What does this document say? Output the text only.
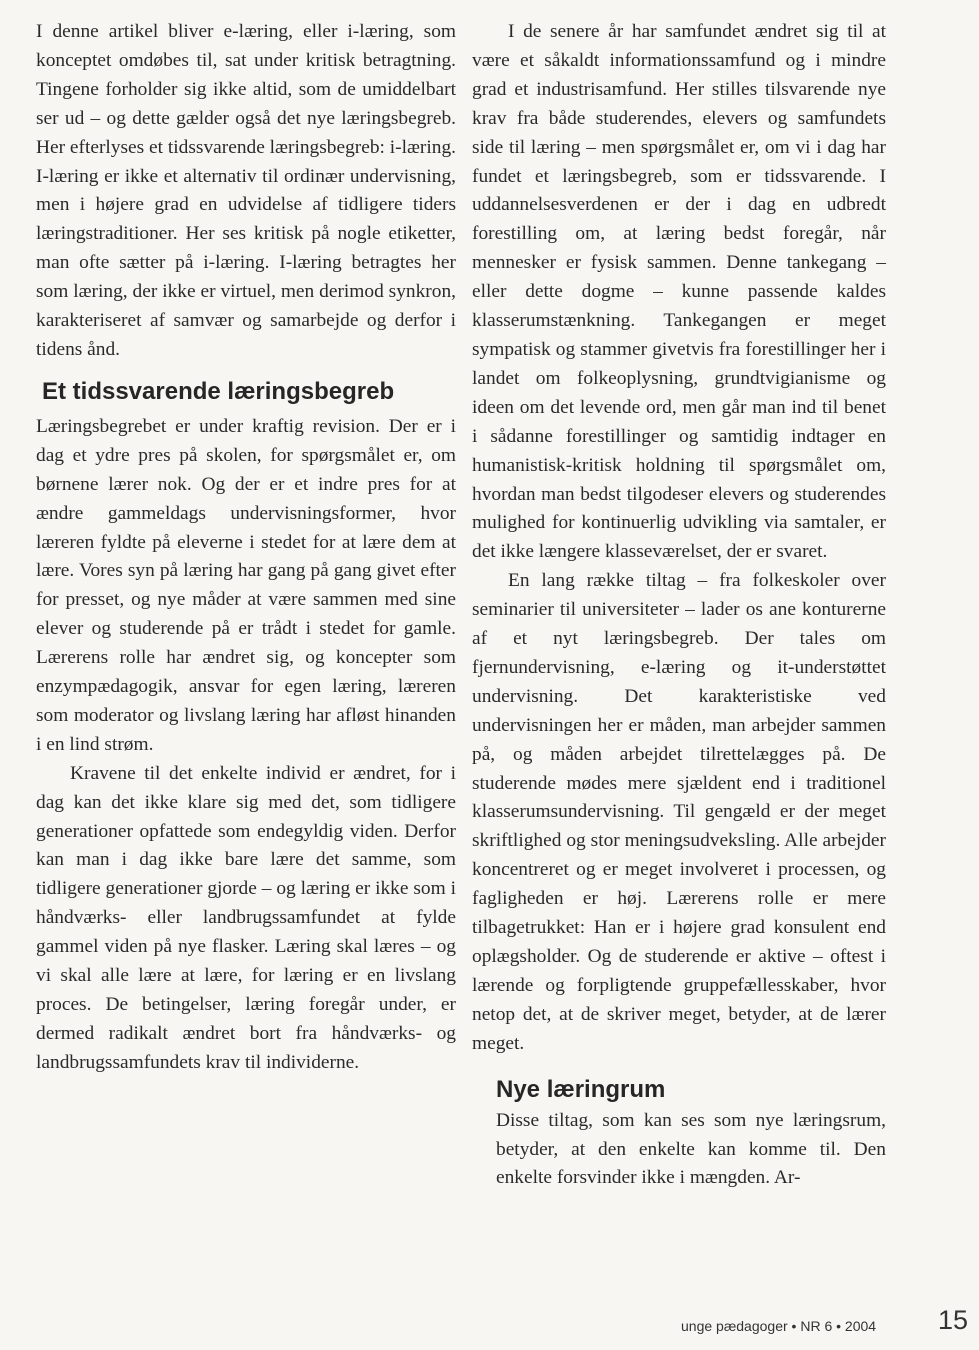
I denne artikel bliver e-læring, eller i-læring, som konceptet omdøbes til, sat under kritisk betragtning. Tingene forholder sig ikke altid, som de umiddelbart ser ud – og dette gælder også det nye læringsbegreb. Her efterlyses et tidssvarende læringsbegreb: i-læring. I-læring er ikke et alternativ til ordinær undervisning, men i højere grad en udvidelse af tidligere tiders læringstraditioner. Her ses kritisk på nogle etiketter, man ofte sætter på i-læring. I-læring betragtes her som læring, der ikke er virtuel, men derimod synkron, karakteriseret af samvær og samarbejde og derfor i tidens ånd.

Et tidssvarende læringsbegreb

Læringsbegrebet er under kraftig revision. Der er i dag et ydre pres på skolen, for spørgsmålet er, om børnene lærer nok. Og der er et indre pres for at ændre gammeldags undervisningsformer, hvor læreren fyldte på eleverne i stedet for at lære dem at lære. Vores syn på læring har gang på gang givet efter for presset, og nye måder at være sammen med sine elever og studerende på er trådt i stedet for gamle. Lærerens rolle har ændret sig, og koncepter som enzympædagogik, ansvar for egen læring, læreren som moderator og livslang læring har afløst hinanden i en lind strøm.

Kravene til det enkelte individ er ændret, for i dag kan det ikke klare sig med det, som tidligere generationer opfattede som endegyldig viden. Derfor kan man i dag ikke bare lære det samme, som tidligere generationer gjorde – og læring er ikke som i håndværks- eller landbrugssamfundet at fylde gammel viden på nye flasker. Læring skal læres – og vi skal alle lære at lære, for læring er en livslang proces. De betingelser, læring foregår under, er dermed radikalt ændret bort fra håndværks- og landbrugssamfundets krav til individerne.

I de senere år har samfundet ændret sig til at være et såkaldt informationssamfund og i mindre grad et industrisamfund. Her stilles tilsvarende nye krav fra både studerendes, elevers og samfundets side til læring – men spørgsmålet er, om vi i dag har fundet et læringsbegreb, som er tidssvarende. I uddannelsesverdenen er der i dag en udbredt forestilling om, at læring bedst foregår, når mennesker er fysisk sammen. Denne tankegang – eller dette dogme – kunne passende kaldes klasserumstænkning. Tankegangen er meget sympatisk og stammer givetvis fra forestillinger her i landet om folkeoplysning, grundtvigianisme og ideen om det levende ord, men går man ind til benet i sådanne forestillinger og samtidig indtager en humanistisk-kritisk holdning til spørgsmålet om, hvordan man bedst tilgodeser elevers og studerendes mulighed for kontinuerlig udvikling via samtaler, er det ikke længere klasseværelset, der er svaret.

En lang række tiltag – fra folkeskoler over seminarier til universiteter – lader os ane konturerne af et nyt læringsbegreb. Der tales om fjernundervisning, e-læring og it-understøttet undervisning. Det karakteristiske ved undervisningen her er måden, man arbejder sammen på, og måden arbejdet tilrettelægges på. De studerende mødes mere sjældent end i traditionel klasserumsundervisning. Til gengæld er der meget skriftlighed og stor meningsudveksling. Alle arbejder koncentreret og er meget involveret i processen, og fagligheden er høj. Lærerens rolle er mere tilbagetrukket: Han er i højere grad konsulent end oplægsholder. Og de studerende er aktive – oftest i lærende og forpligtende gruppefællesskaber, hvor netop det, at de skriver meget, betyder, at de lærer meget.

Nye læringrum

Disse tiltag, som kan ses som nye læringsrum, betyder, at den enkelte kan komme til. Den enkelte forsvinder ikke i mængden. Ar-

unge pædagoger • NR 6 • 2004 15
